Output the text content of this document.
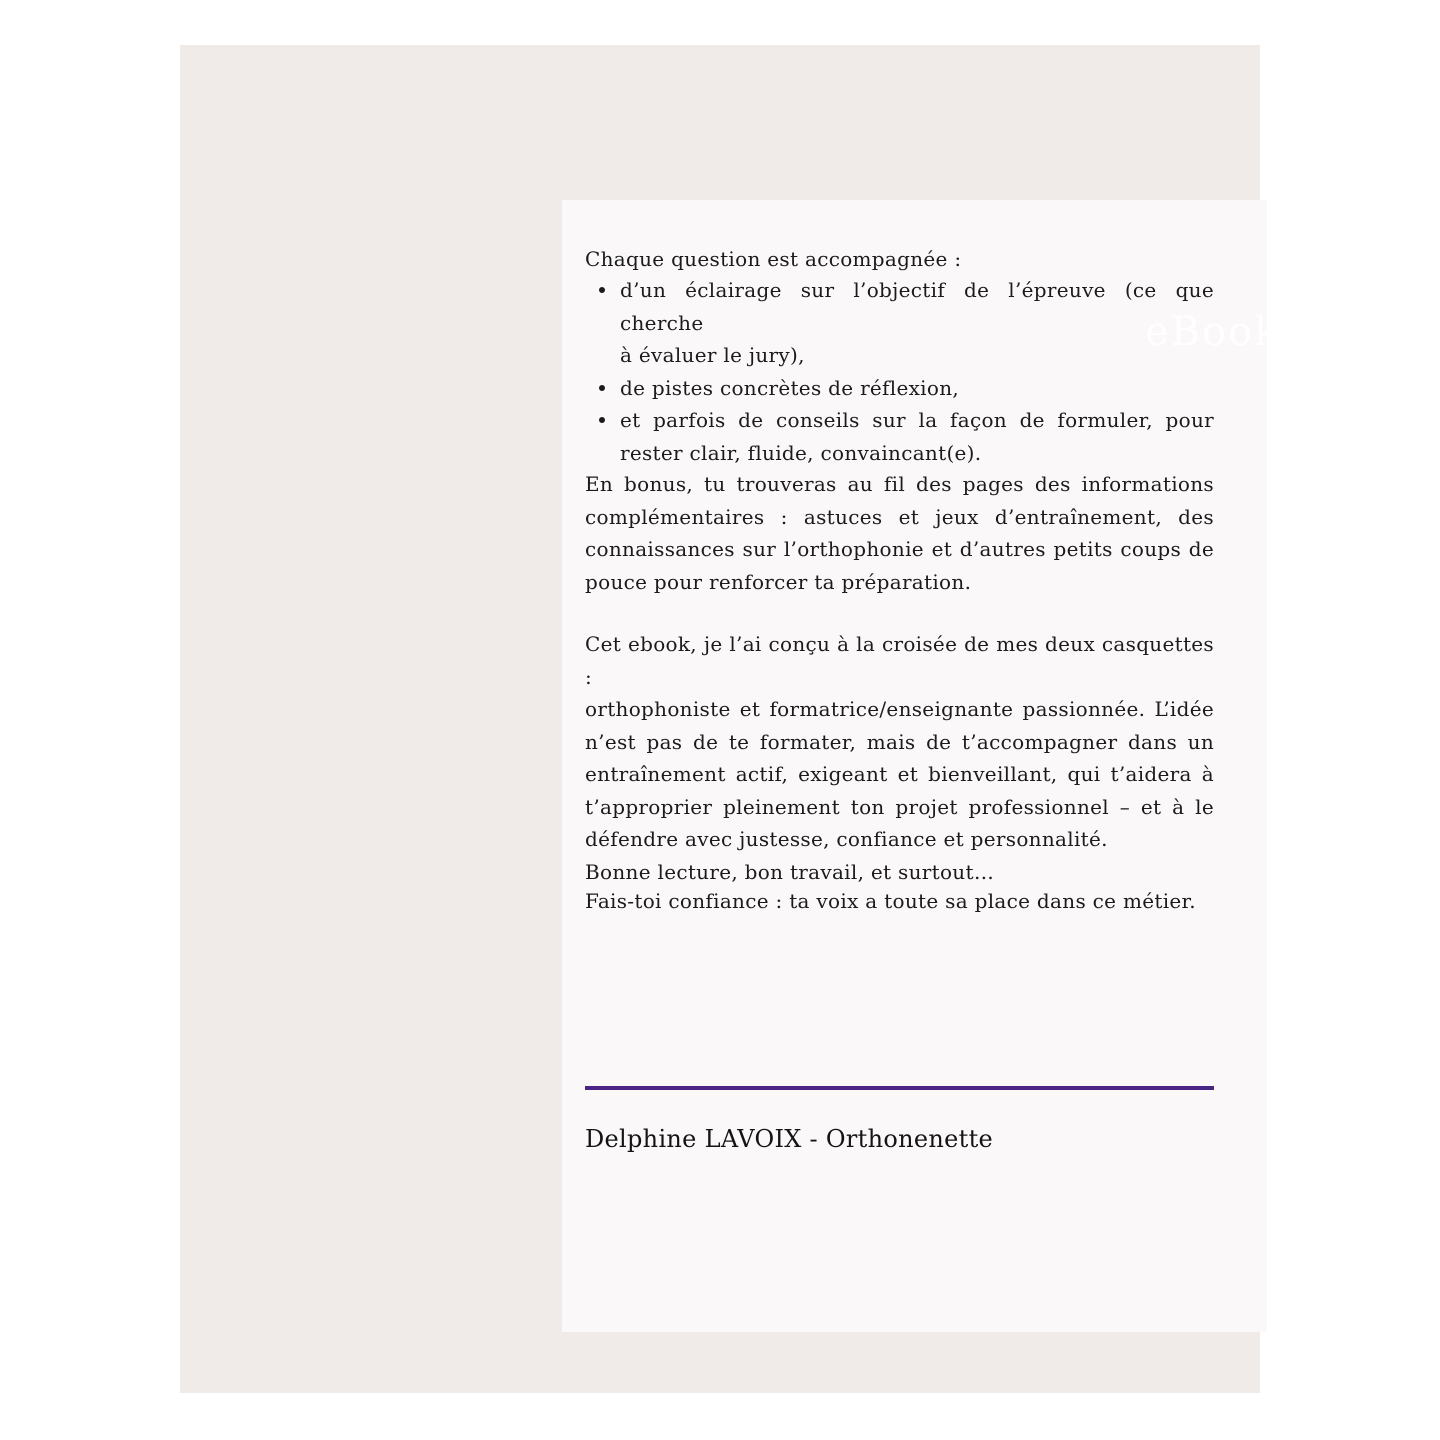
eBook
Chaque question est accompagnée :
d’un éclairage sur l’objectif de l’épreuve (ce que cherche
à évaluer le jury),
de pistes concrètes de réflexion,
et parfois de conseils sur la façon de formuler, pour
rester clair, fluide, convaincant(e).
En bonus, tu trouveras au fil des pages des informations
complémentaires : astuces et jeux d’entraînement, des
connaissances sur l’orthophonie et d’autres petits coups de
pouce pour renforcer ta préparation.
Cet ebook, je l’ai conçu à la croisée de mes deux casquettes :
orthophoniste et formatrice/enseignante passionnée. L’idée
n’est pas de te formater, mais de t’accompagner dans un
entraînement actif, exigeant et bienveillant, qui t’aidera à
t’approprier pleinement ton projet professionnel – et à le
défendre avec justesse, confiance et personnalité.
Bonne lecture, bon travail, et surtout…
Fais-toi confiance : ta voix a toute sa place dans ce métier.
Delphine LAVOIX - Orthonenette
